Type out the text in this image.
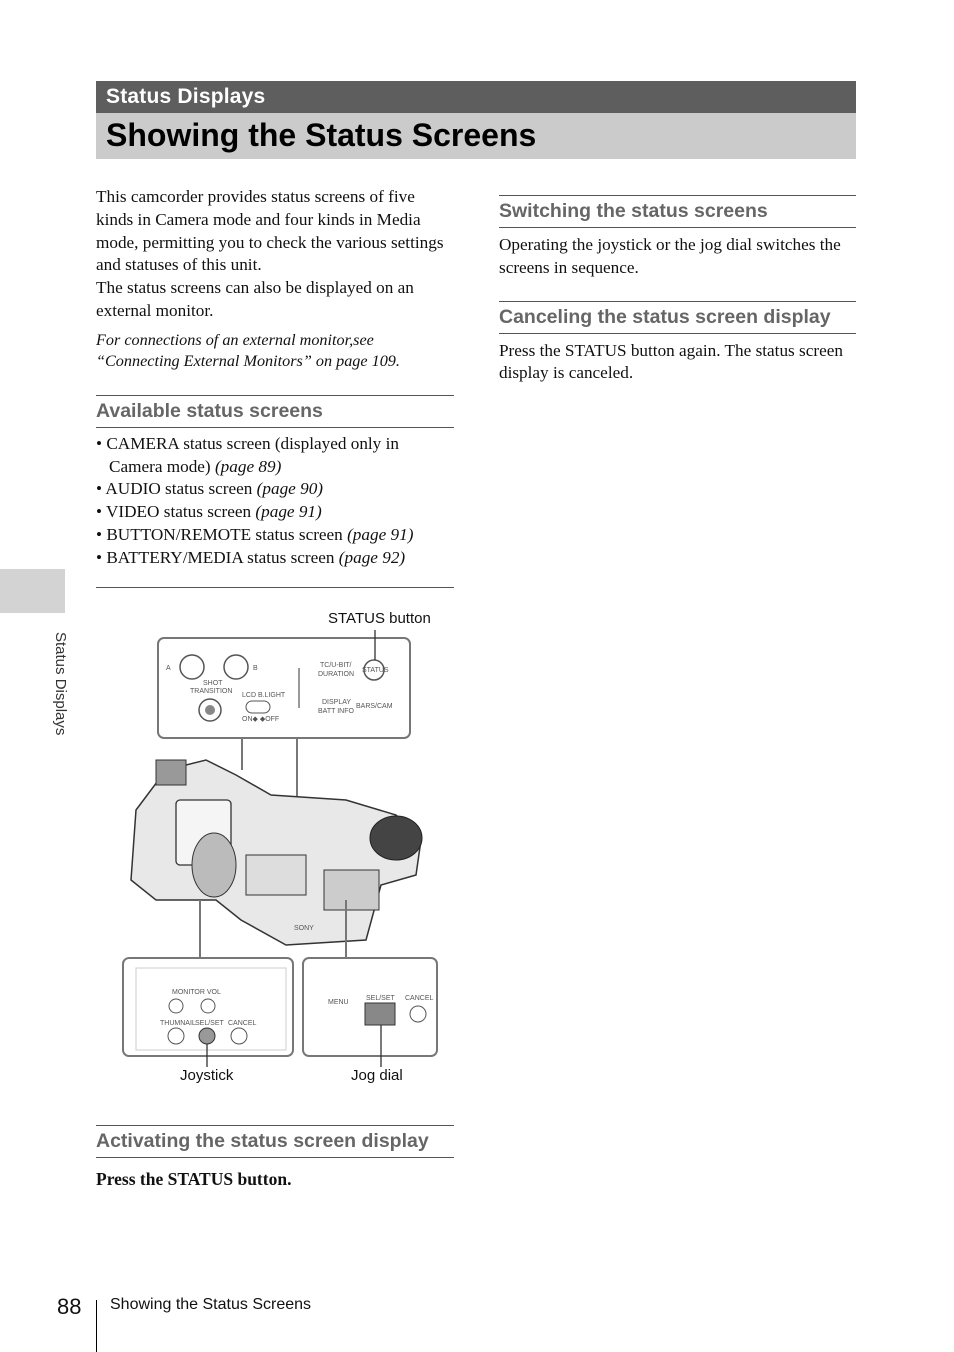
Status Displays
Showing the Status Screens
Status Displays

This camcorder provides status screens of five kinds in Camera mode and four kinds in Media mode, permitting you to check the various settings and statuses of this unit.

The status screens can also be displayed on an external monitor.

For connections of an external monitor,see “Connecting External Monitors” on page 109.

Available status screens
• CAMERA status screen (displayed only in Camera mode) (page 89)
• AUDIO status screen (page 90)
• VIDEO status screen (page 91)
• BUTTON/REMOTE status screen (page 91)
• BATTERY/MEDIA status screen (page 92)
A	B
SHOT
TRANSITION
LCD B.LIGHT
ON◆ ◆OFF
TC/U-BIT/
DURATION
STATUS
DISPLAY
BATT INFO
BARS/CAM
STATUS button
SONY
MONITOR VOL
THUMNAIL SEL/SET CANCEL
Joystick
MENU
SEL/SET CANCEL
Jog dial
Activating the status screen display

Press the STATUS button.

Switching the status screens

Operating the joystick or the jog dial switches the screens in sequence.

Canceling the status screen display

Press the STATUS button again. The status screen display is canceled.

88 Showing the Status Screens
